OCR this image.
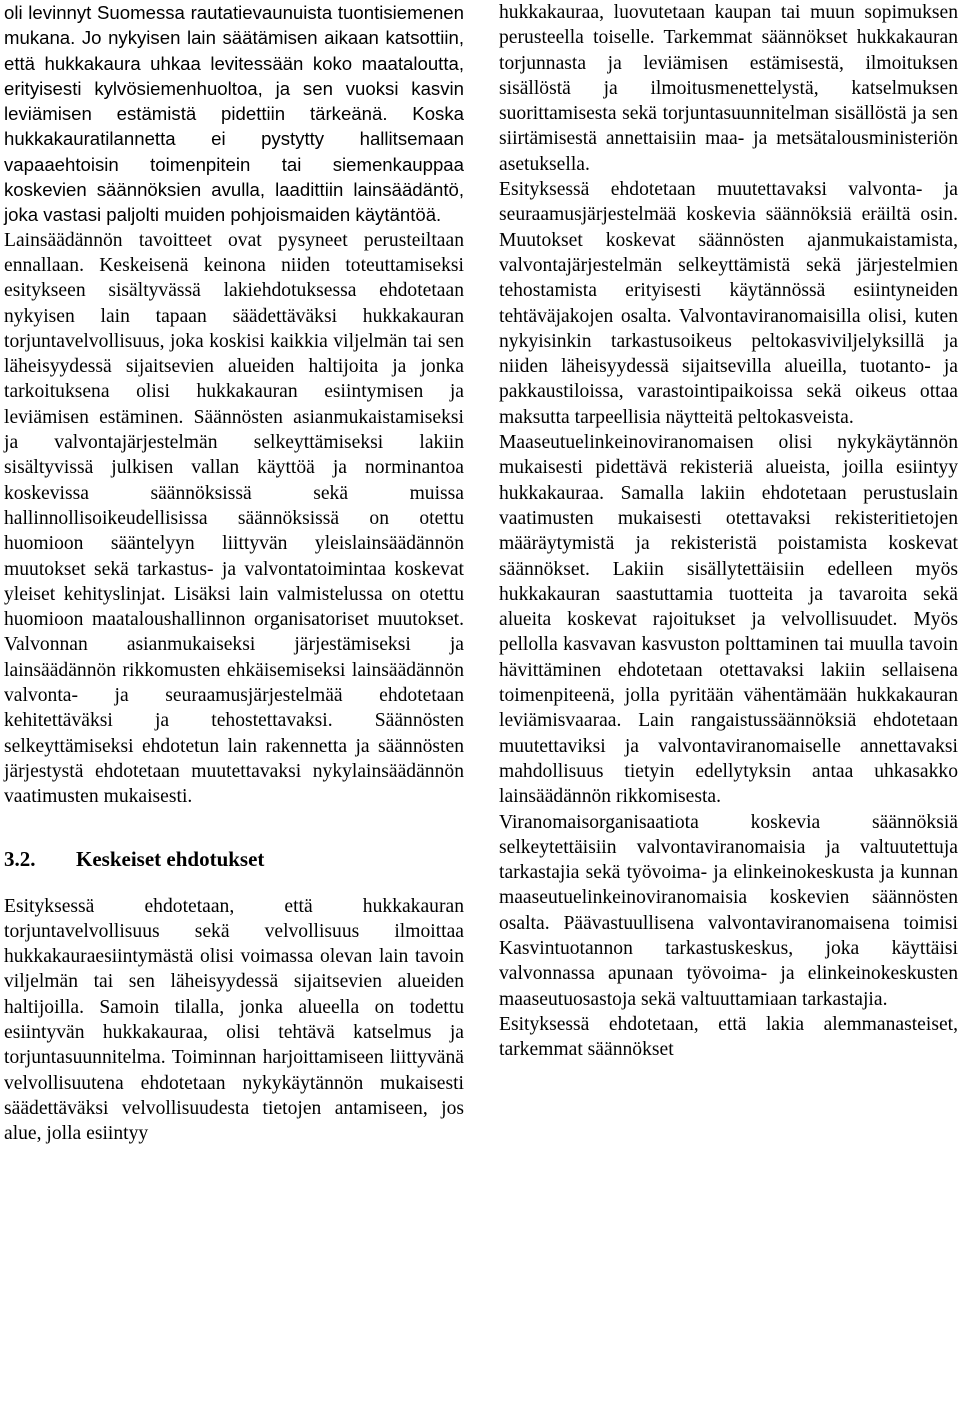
oli levinnyt Suomessa rautatievaunuista tuontisiemenen mukana. Jo nykyisen lain säätämisen aikaan katsottiin, että hukkakaura uhkaa levitessään koko maataloutta, erityisesti kylvösiemenhuoltoa, ja sen vuoksi kasvin leviämisen estämistä pidettiin tärkeänä. Koska hukkakauratilannetta ei pystytty hallitsemaan vapaaehtoisin toimenpitein tai siemenkauppaa koskevien säännöksien avulla, laadittiin lainsäädäntö, joka vastasi paljolti muiden pohjoismaiden käytäntöä.

Lainsäädännön tavoitteet ovat pysyneet perusteiltaan ennallaan. Keskeisenä keinona niiden toteuttamiseksi esitykseen sisältyvässä lakiehdotuksessa ehdotetaan nykyisen lain tapaan säädettäväksi hukkakauran torjuntavelvollisuus, joka koskisi kaikkia viljelmän tai sen läheisyydessä sijaitsevien alueiden haltijoita ja jonka tarkoituksena olisi hukkakauran esiintymisen ja leviämisen estäminen. Säännösten asianmukaistamiseksi ja valvontajärjestelmän selkeyttämiseksi lakiin sisältyvissä julkisen vallan käyttöä ja norminantoa koskevissa säännöksissä sekä muissa hallinnollisoikeudellisissa säännöksissä on otettu huomioon sääntelyyn liittyvän yleislainsäädännön muutokset sekä tarkastus- ja valvontatoimintaa koskevat yleiset kehityslinjat. Lisäksi lain valmistelussa on otettu huomioon maataloushallinnon organisatoriset muutokset. Valvonnan asianmukaiseksi järjestämiseksi ja lainsäädännön rikkomusten ehkäisemiseksi lainsäädännön valvonta- ja seuraamusjärjestelmää ehdotetaan kehitettäväksi ja tehostettavaksi. Säännösten selkeyttämiseksi ehdotetun lain rakennetta ja säännösten järjestystä ehdotetaan muutettavaksi nykylainsäädännön vaatimusten mukaisesti.

3.2.	Keskeiset ehdotukset

Esityksessä ehdotetaan, että hukkakauran torjuntavelvollisuus sekä velvollisuus ilmoittaa hukkakauraesiintymästä olisi voimassa olevan lain tavoin viljelmän tai sen läheisyydessä sijaitsevien alueiden haltijoilla. Samoin tilalla, jonka alueella on todettu esiintyvän hukkakauraa, olisi tehtävä katselmus ja torjuntasuunnitelma. Toiminnan harjoittamiseen liittyvänä velvollisuutena ehdotetaan nykykäytännön mukaisesti säädettäväksi velvollisuudesta tietojen antamiseen, jos alue, jolla esiintyy

hukkakauraa, luovutetaan kaupan tai muun sopimuksen perusteella toiselle. Tarkemmat säännökset hukkakauran torjunnasta ja leviämisen estämisestä, ilmoituksen sisällöstä ja ilmoitusmenettelystä, katselmuksen suorittamisesta sekä torjuntasuunnitelman sisällöstä ja sen siirtämisestä annettaisiin maa- ja metsätalousministeriön asetuksella.

Esityksessä ehdotetaan muutettavaksi valvonta- ja seuraamusjärjestelmää koskevia säännöksiä eräiltä osin. Muutokset koskevat säännösten ajanmukaistamista, valvontajärjestelmän selkeyttämistä sekä järjestelmien tehostamista erityisesti käytännössä esiintyneiden tehtäväjakojen osalta. Valvontaviranomaisilla olisi, kuten nykyisinkin tarkastusoikeus peltokasviviljelyksillä ja niiden läheisyydessä sijaitsevilla alueilla, tuotanto- ja pakkaustiloissa, varastointipaikoissa sekä oikeus ottaa maksutta tarpeellisia näytteitä peltokasveista.

Maaseutuelinkeinoviranomaisen olisi nykykäytännön mukaisesti pidettävä rekisteriä alueista, joilla esiintyy hukkakauraa. Samalla lakiin ehdotetaan perustuslain vaatimusten mukaisesti otettavaksi rekisteritietojen määräytymistä ja rekisteristä poistamista koskevat säännökset. Lakiin sisällytettäisiin edelleen myös hukkakauran saastuttamia tuotteita ja tavaroita sekä alueita koskevat rajoitukset ja velvollisuudet. Myös pellolla kasvavan kasvuston polttaminen tai muulla tavoin hävittäminen ehdotetaan otettavaksi lakiin sellaisena toimenpiteenä, jolla pyritään vähentämään hukkakauran leviämisvaaraa. Lain rangaistussäännöksiä ehdotetaan muutettaviksi ja valvontaviranomaiselle annettavaksi mahdollisuus tietyin edellytyksin antaa uhkasakko lainsäädännön rikkomisesta.

Viranomaisorganisaatiota koskevia säännöksiä selkeytettäisiin valvontaviranomaisia ja valtuutettuja tarkastajia sekä työvoima- ja elinkeinokeskusta ja kunnan maaseutuelinkeinoviranomaisia koskevien säännösten osalta. Päävastuullisena valvontaviranomaisena toimisi Kasvintuotannon tarkastuskeskus, joka käyttäisi valvonnassa apunaan työvoima- ja elinkeinokeskusten maaseutuosastoja sekä valtuuttamiaan tarkastajia.

Esityksessä ehdotetaan, että lakia alemmanasteiset, tarkemmat säännökset
